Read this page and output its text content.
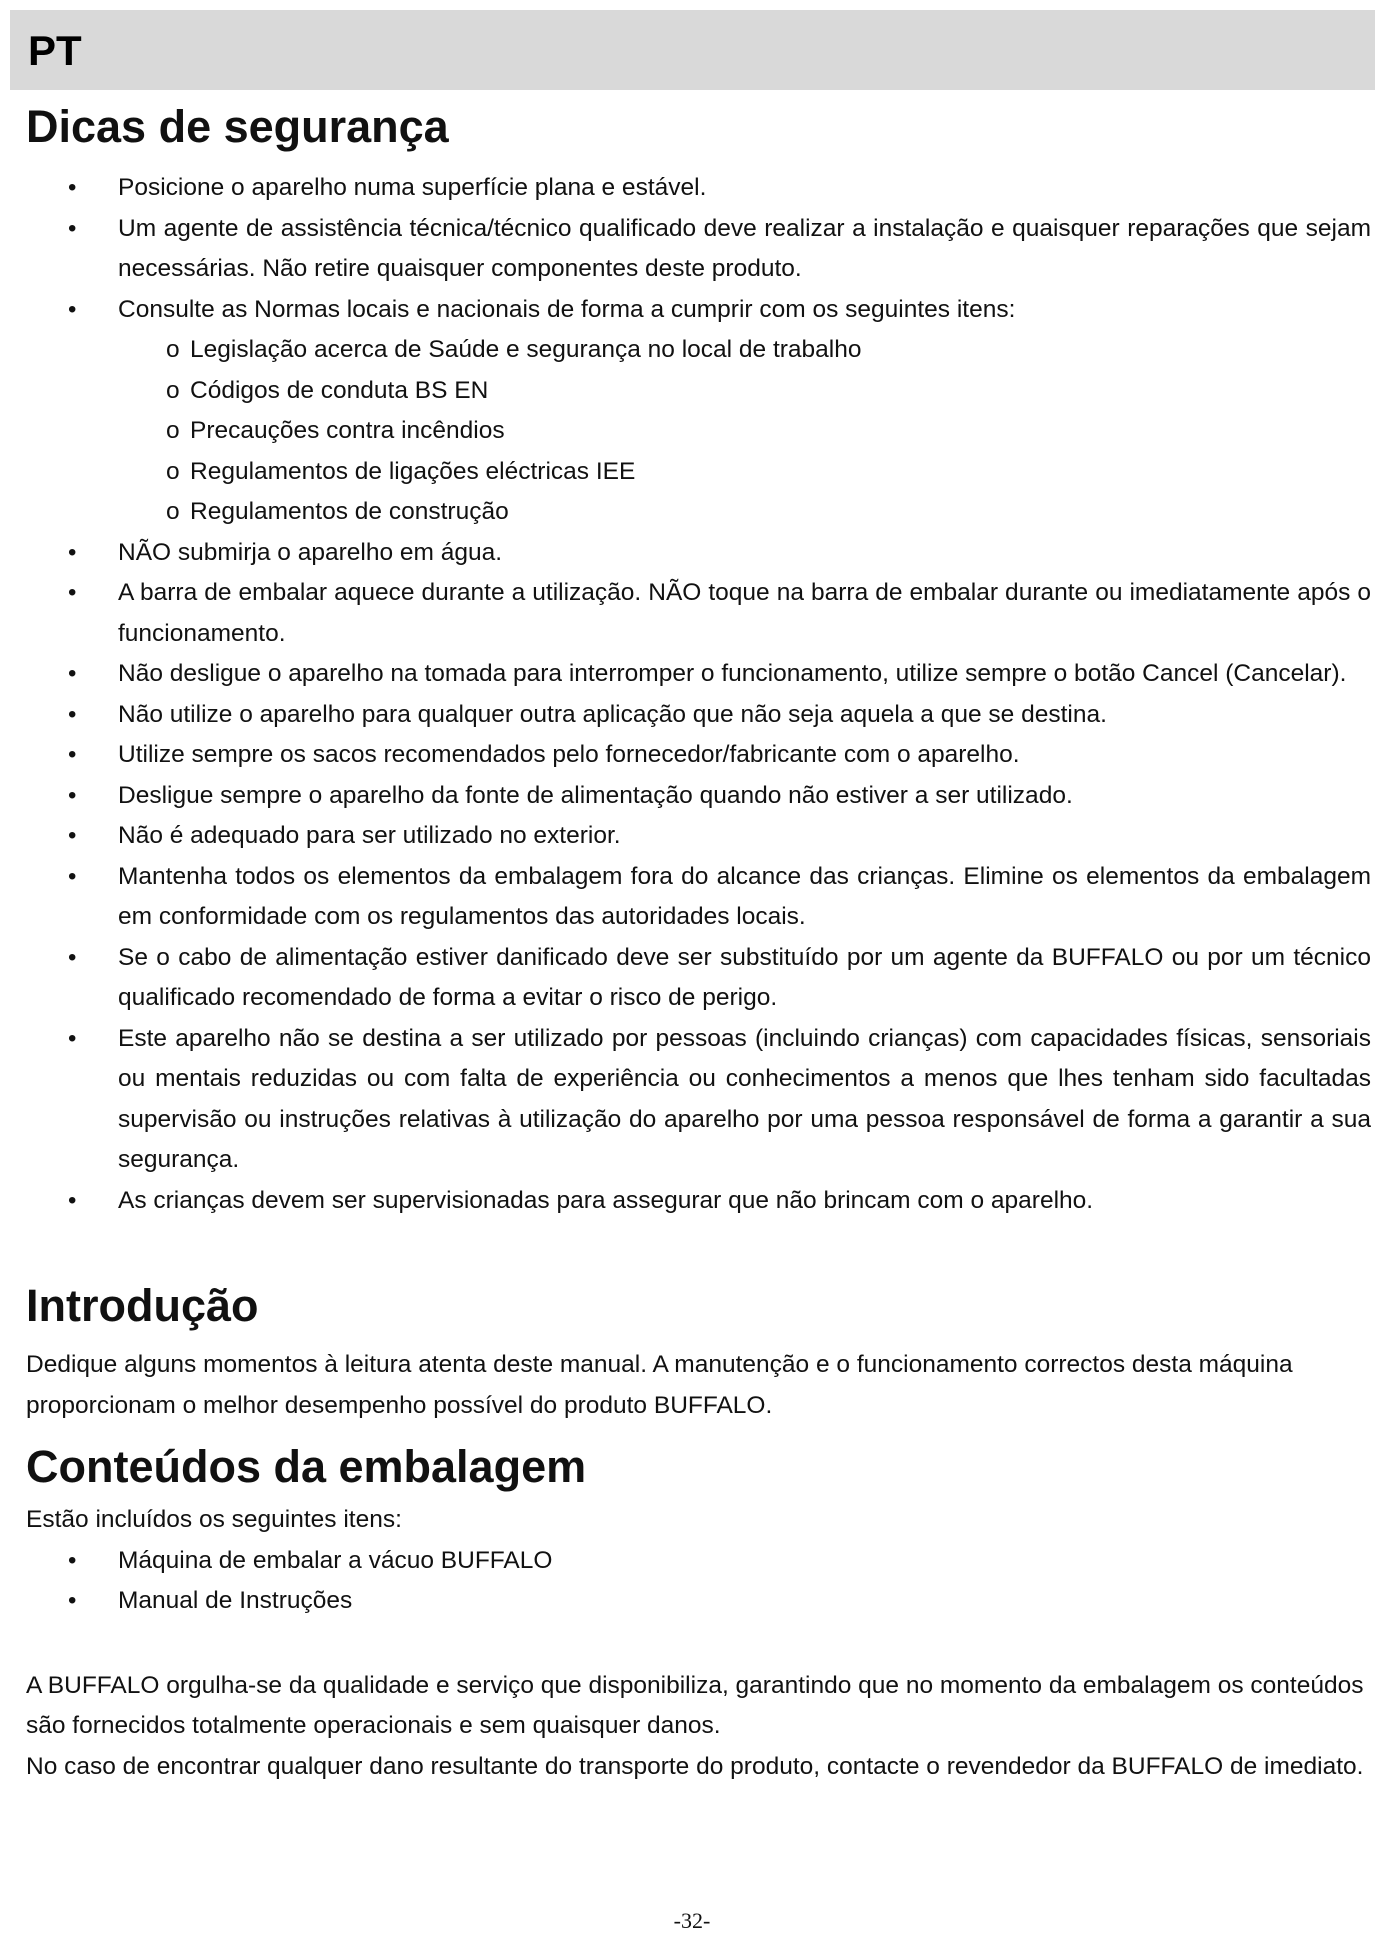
PT
Dicas de segurança
• Posicione o aparelho numa superfície plana e estável.
• Um agente de assistência técnica/técnico qualificado deve realizar a instalação e quaisquer reparações que sejam necessárias. Não retire quaisquer componentes deste produto.
• Consulte as Normas locais e nacionais de forma a cumprir com os seguintes itens:
o Legislação acerca de Saúde e segurança no local de trabalho
o Códigos de conduta BS EN
o Precauções contra incêndios
o Regulamentos de ligações eléctricas IEE
o Regulamentos de construção
• NÃO submirja o aparelho em água.
• A barra de embalar aquece durante a utilização. NÃO toque na barra de embalar durante ou imediatamente após o funcionamento.
• Não desligue o aparelho na tomada para interromper o funcionamento, utilize sempre o botão Cancel (Cancelar).
• Não utilize o aparelho para qualquer outra aplicação que não seja aquela a que se destina.
• Utilize sempre os sacos recomendados pelo fornecedor/fabricante com o aparelho.
• Desligue sempre o aparelho da fonte de alimentação quando não estiver a ser utilizado.
• Não é adequado para ser utilizado no exterior.
• Mantenha todos os elementos da embalagem fora do alcance das crianças. Elimine os elementos da embalagem em conformidade com os regulamentos das autoridades locais.
• Se o cabo de alimentação estiver danificado deve ser substituído por um agente da BUFFALO ou por um técnico qualificado recomendado de forma a evitar o risco de perigo.
• Este aparelho não se destina a ser utilizado por pessoas (incluindo crianças) com capacidades físicas, sensoriais ou mentais reduzidas ou com falta de experiência ou conhecimentos a menos que lhes tenham sido facultadas supervisão ou instruções relativas à utilização do aparelho por uma pessoa responsável de forma a garantir a sua segurança.
• As crianças devem ser supervisionadas para assegurar que não brincam com o aparelho.
Introdução

Dedique alguns momentos à leitura atenta deste manual. A manutenção e o funcionamento correctos desta máquina proporcionam o melhor desempenho possível do produto BUFFALO.

Conteúdos da embalagem

Estão incluídos os seguintes itens:

• Máquina de embalar a vácuo BUFFALO
• Manual de Instruções

A BUFFALO orgulha-se da qualidade e serviço que disponibiliza, garantindo que no momento da embalagem os conteúdos são fornecidos totalmente operacionais e sem quaisquer danos.

No caso de encontrar qualquer dano resultante do transporte do produto, contacte o revendedor da BUFFALO de imediato.

-32-
